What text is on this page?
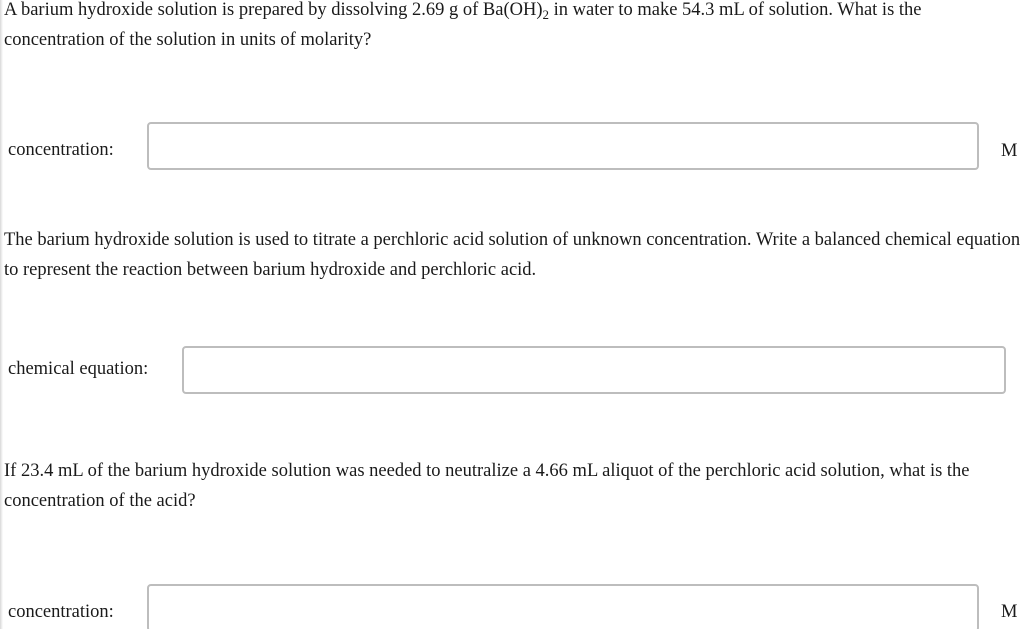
A barium hydroxide solution is prepared by dissolving 2.69 g of $Ba(OH)_2$ in water to make 54.3 mL of solution. What is the concentration of the solution in units of molarity?

concentration:	M

The barium hydroxide solution is used to titrate a perchloric acid solution of unknown concentration. Write a balanced chemical equation to represent the reaction between barium hydroxide and perchloric acid.

chemical equation:

If 23.4 mL of the barium hydroxide solution was needed to neutralize a 4.66 mL aliquot of the perchloric acid solution, what is the concentration of the acid?

concentration:	M
